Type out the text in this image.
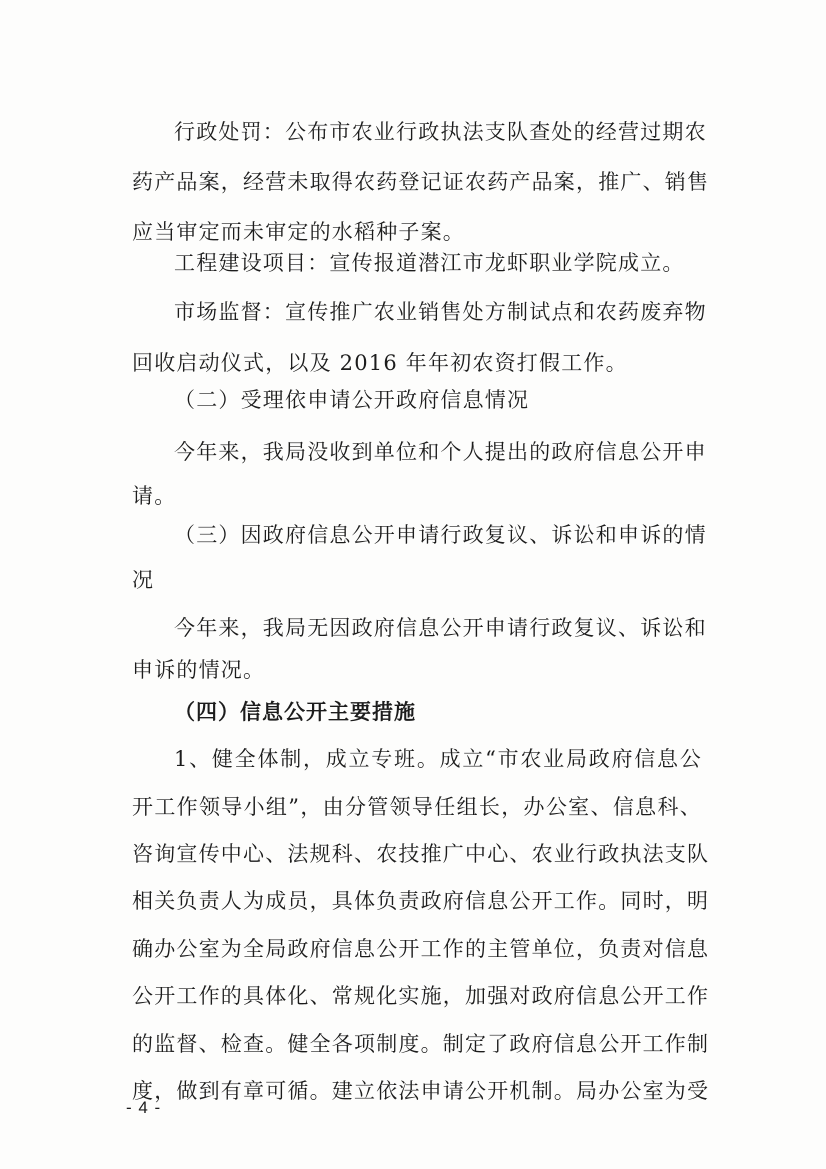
行政处罚：公布市农业行政执法支队查处的经营过期农
药产品案，经营未取得农药登记证农药产品案，推广、销售
应当审定而未审定的水稻种子案。
工程建设项目：宣传报道潜江市龙虾职业学院成立。
市场监督：宣传推广农业销售处方制试点和农药废弃物
回收启动仪式，以及 2016 年年初农资打假工作。
（二）受理依申请公开政府信息情况
今年来，我局没收到单位和个人提出的政府信息公开申
请。
（三）因政府信息公开申请行政复议、诉讼和申诉的情
况
今年来，我局无因政府信息公开申请行政复议、诉讼和
申诉的情况。
（四）信息公开主要措施
1、健全体制，成立专班。成立“市农业局政府信息公
开工作领导小组”，由分管领导任组长，办公室、信息科、
咨询宣传中心、法规科、农技推广中心、农业行政执法支队
相关负责人为成员，具体负责政府信息公开工作。同时，明
确办公室为全局政府信息公开工作的主管单位，负责对信息
公开工作的具体化、常规化实施，加强对政府信息公开工作
的监督、检查。健全各项制度。制定了政府信息公开工作制
度，做到有章可循。建立依法申请公开机制。局办公室为受
- 4 -
